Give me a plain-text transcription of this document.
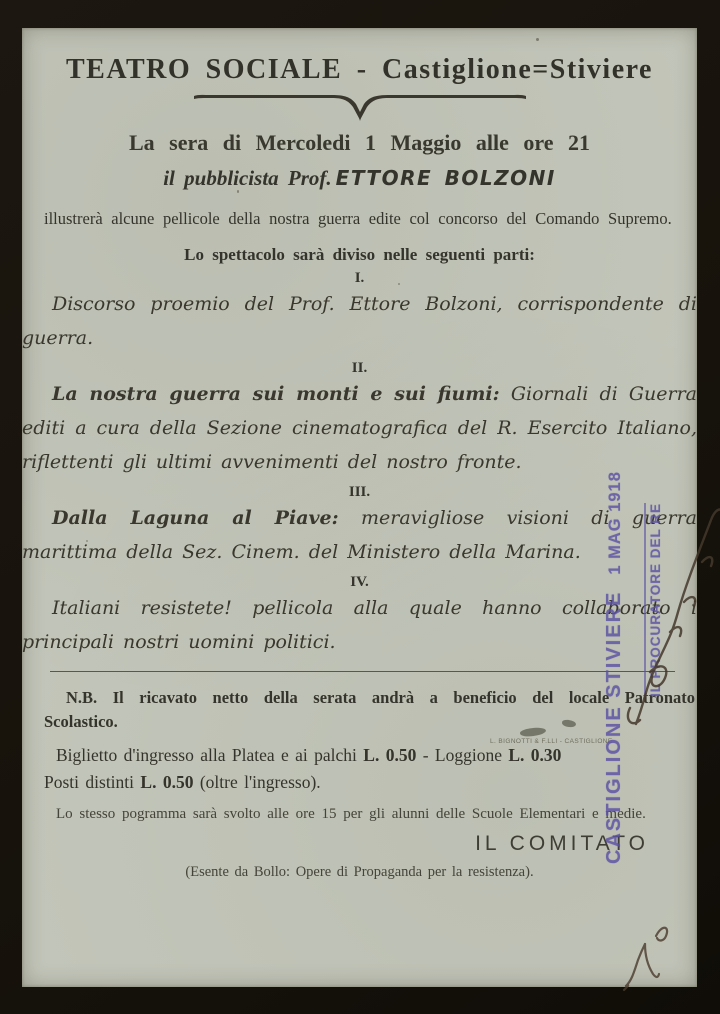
TEATRO SOCIALE - Castiglione=Stiviere

La sera di Mercoledi 1 Maggio alle ore 21

il pubblicista Prof. ETTORE BOLZONI

illustrerà alcune pellicole della nostra guerra edite col concorso del Comando Supremo.

Lo spettacolo sarà diviso nelle seguenti parti:

I.

Discorso proemio del Prof. Ettore Bolzoni, corrispondente di guerra.

II.

La nostra guerra sui monti e sui fiumi: Giornali di Guerra editi a cura della Sezione cinematografica del R. Esercito Italiano, riflettenti gli ultimi avvenimenti del nostro fronte.

III.

Dalla Laguna al Piave: meravigliose visioni di guerra marittima della Sez. Cinem. del Ministero della Marina.

IV.

Italiani resistete! pellicola alla quale hanno collaborato i principali nostri uomini politici.

L. BIGNOTTI & F.LLI - CASTIGLIONE

N.B. Il ricavato netto della serata andrà a beneficio del locale Patronato Scolastico.

Biglietto d'ingresso alla Platea e ai palchi L. 0.50 - Loggione L. 0.30
Posti distinti L. 0.50 (oltre l'ingresso).

Lo stesso pogramma sarà svolto alle ore 15 per gli alunni delle Scuole Elementari e medie.

IL COMITATO

(Esente da Bollo: Opere di Propaganda per la resistenza).

CASTIGLIONE STIVIERE1 MAG 1918 IL PROCURATORE DEL RE
